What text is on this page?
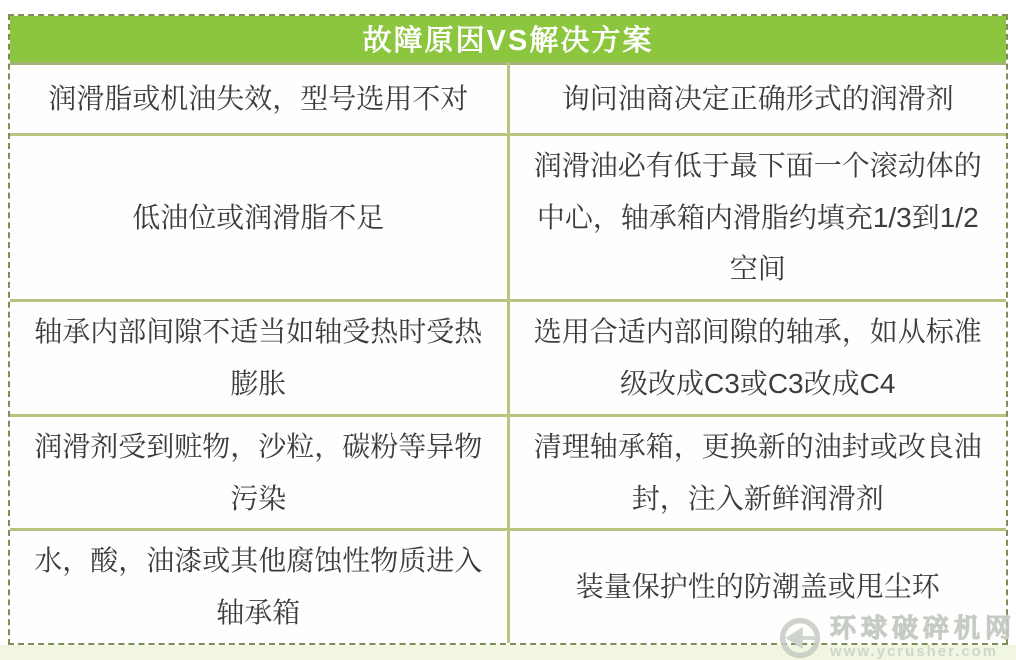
故障原因VS解决方案
润滑脂或机油失效，型号选用不对	询问油商决定正确形式的润滑剂
低油位或润滑脂不足	润滑油必有低于最下面一个滚动体的中心，轴承箱内滑脂约填充1/3到1/2空间
轴承内部间隙不适当如轴受热时受热膨胀	选用合适内部间隙的轴承，如从标准级改成C3或C3改成C4
润滑剂受到赃物，沙粒，碳粉等异物污染	清理轴承箱，更换新的油封或改良油封，注入新鲜润滑剂
水，酸，油漆或其他腐蚀性物质进入轴承箱	装量保护性的防潮盖或甩尘环
环球破碎机网
www.ycrusher.com
